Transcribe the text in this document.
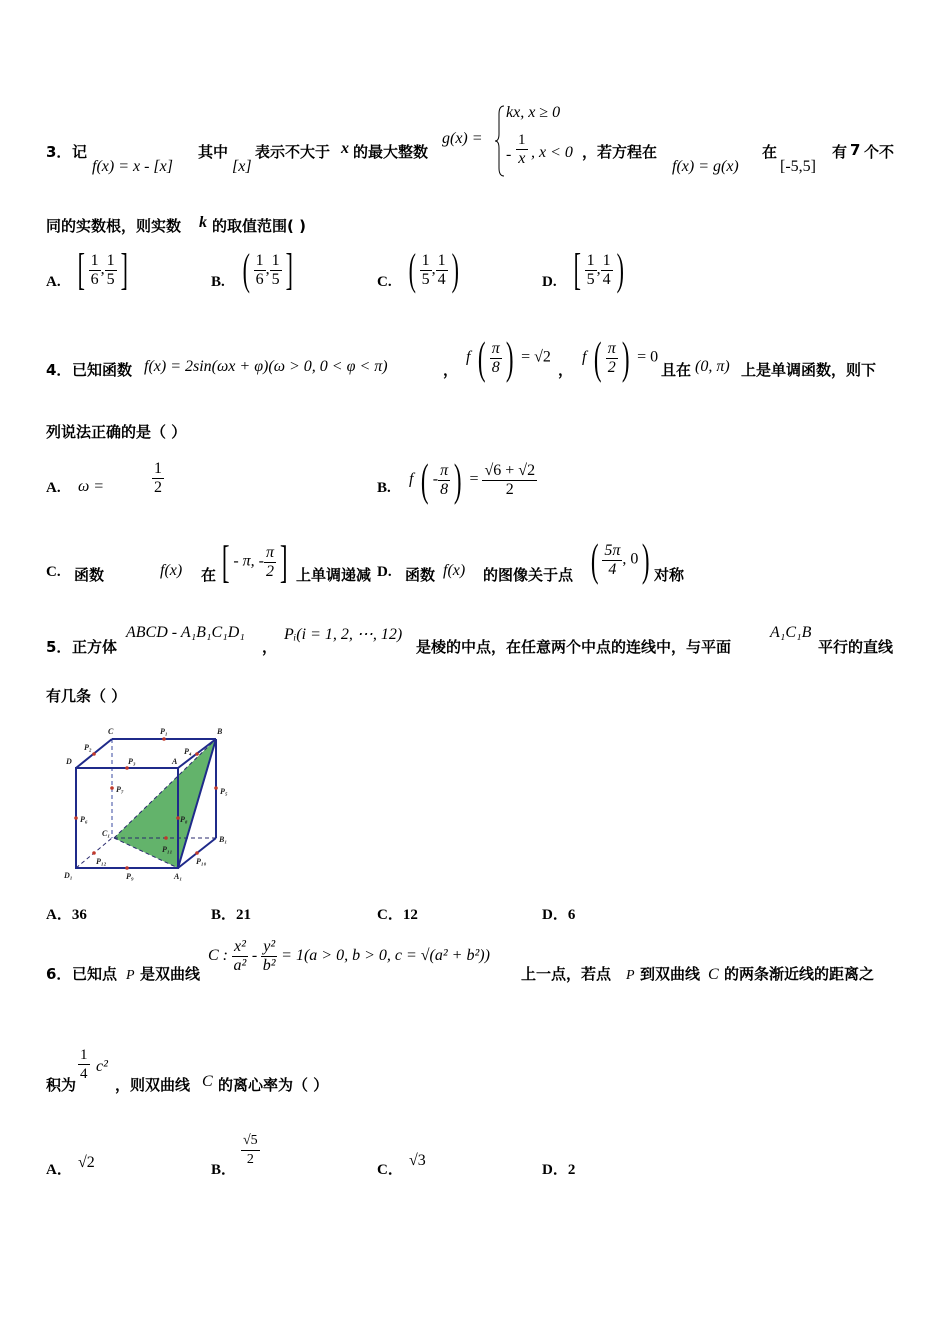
3． 记
f(x) = x - [x]
其中
[x]
表示不大于 x 的最大整数
g(x) =
kx, x ≥ 0
- $\frac{1}{x}$ , x < 0 ，若方程在
f(x) = g(x)
在
[-5,5]
有 7 个不
同的实数根，则实数 k 的取值范围( )
A. [ $\frac{1}{6}$ , $\frac{1}{5}$ ]	B. ( $\frac{1}{6}$ , $\frac{1}{5}$ ]	C. ( $\frac{1}{5}$ , $\frac{1}{4}$ )	D. [ $\frac{1}{5}$ , $\frac{1}{4}$ )
4． 已知函数 f(x) = 2sin(ωx + φ)(ω > 0, 0 < φ < π)	，
f ( $\frac{\pi}{8}$ ) = √2
，
f ( $\frac{\pi}{2}$ ) = 0
且在 (0, π) 上是单调函数，则下
列说法正确的是（ ）
A. ω =	$\frac{1}{2}$	B.
f ( - $\frac{\pi}{8}$ ) = $\frac{√6 + √2}{2}$
C. 函数	f(x) 在 [ - π, - $\frac{\pi}{2}$ ] 上单调递减 D. 函数 f(x) 的图像关于点 ( $\frac{5\pi}{4}$ , 0) 对称
5． 正方体
ABCD - A₁B₁C₁D₁
，
Pᵢ(i = 1, 2, ⋯, 12)
是棱的中点，在任意两个中点的连线中，与平面
A₁C₁B
平行的直线
有几条（ ）
C	P₁	B
P₂
D	P₃	A
P₄
P₅
P₇
P₆	P₈
C₁
B₁
P₉
P₁₀
P₁₁
P₁₂
D₁	A₁
A．36	B．21	C．12	D．6
6． 已知点 P 是双曲线
C : $\frac{\text{x²}}{\text{a²}} - \frac{\text{y²}}{\text{b²}} = 1(a > 0$, b > 0, c = √(a² + b²))
上一点，若点 P 到双曲线 C 的两条渐近线的距离之
积为
$\frac{1}{4} c^2$
，则双曲线 C 的离心率为（ ）
A． √2	B．
$\frac{√5}{2}$
C．
√3
D．2
